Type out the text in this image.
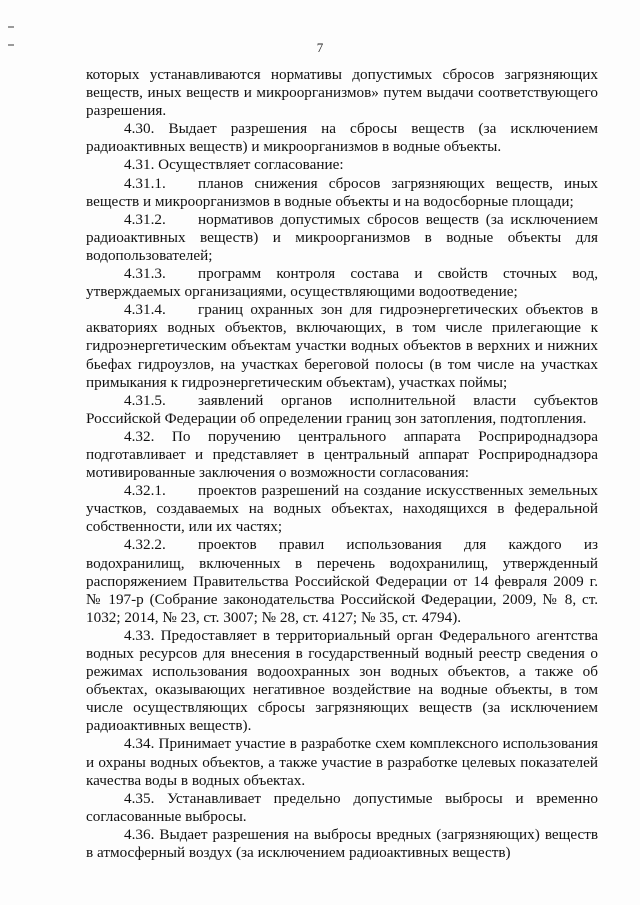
7

которых устанавливаются нормативы допустимых сбросов загрязняющих веществ, иных веществ и микроорганизмов» путем выдачи соответствующего разрешения.

4.30. Выдает разрешения на сбросы веществ (за исключением радиоактивных веществ) и микроорганизмов в водные объекты.

4.31. Осуществляет согласование:

4.31.1. планов снижения сбросов загрязняющих веществ, иных веществ и микроорганизмов в водные объекты и на водосборные площади;

4.31.2. нормативов допустимых сбросов веществ (за исключением радиоактивных веществ) и микроорганизмов в водные объекты для водопользователей;

4.31.3. программ контроля состава и свойств сточных вод, утверждаемых организациями, осуществляющими водоотведение;

4.31.4. границ охранных зон для гидроэнергетических объектов в акваториях водных объектов, включающих, в том числе прилегающие к гидроэнергетическим объектам участки водных объектов в верхних и нижних бьефах гидроузлов, на участках береговой полосы (в том числе на участках примыкания к гидроэнергетическим объектам), участках поймы;

4.31.5. заявлений органов исполнительной власти субъектов Российской Федерации об определении границ зон затопления, подтопления.

4.32. По поручению центрального аппарата Росприроднадзора подготавливает и представляет в центральный аппарат Росприроднадзора мотивированные заключения о возможности согласования:

4.32.1. проектов разрешений на создание искусственных земельных участков, создаваемых на водных объектах, находящихся в федеральной собственности, или их частях;

4.32.2. проектов правил использования для каждого из водохранилищ, включенных в перечень водохранилищ, утвержденный распоряжением Правительства Российской Федерации от 14 февраля 2009 г. № 197-р (Собрание законодательства Российской Федерации, 2009, № 8, ст. 1032; 2014, № 23, ст. 3007; № 28, ст. 4127; № 35, ст. 4794).

4.33. Предоставляет в территориальный орган Федерального агентства водных ресурсов для внесения в государственный водный реестр сведения о режимах использования водоохранных зон водных объектов, а также об объектах, оказывающих негативное воздействие на водные объекты, в том числе осуществляющих сбросы загрязняющих веществ (за исключением радиоактивных веществ).

4.34. Принимает участие в разработке схем комплексного использования и охраны водных объектов, а также участие в разработке целевых показателей качества воды в водных объектах.

4.35. Устанавливает предельно допустимые выбросы и временно согласованные выбросы.

4.36. Выдает разрешения на выбросы вредных (загрязняющих) веществ в атмосферный воздух (за исключением радиоактивных веществ)
